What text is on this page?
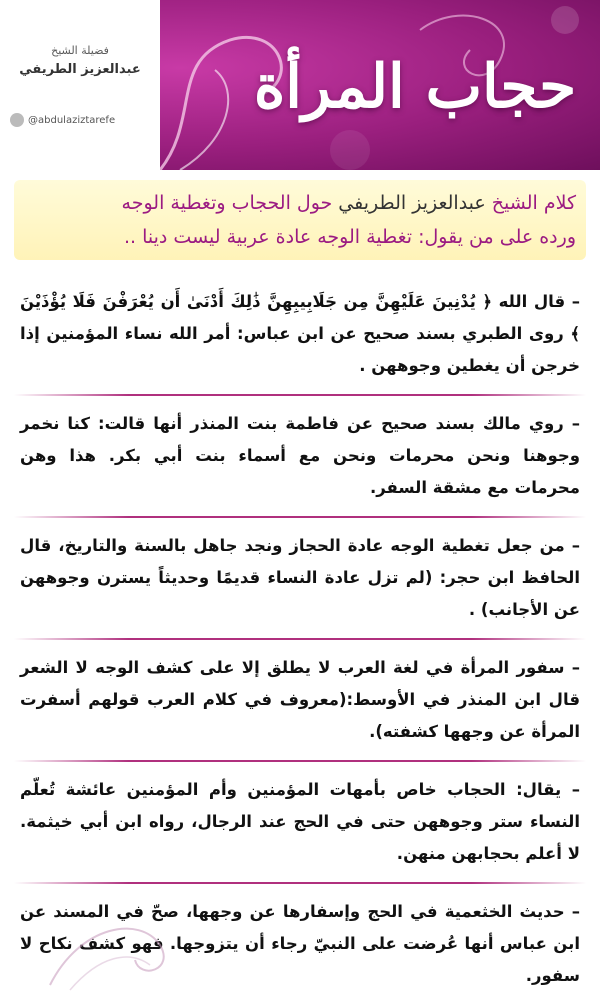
فضيلة الشيخ
عبدالعزيز الطريفي
@abdulaziztarefe حجاب المرأة
كلام الشيخ عبدالعزيز الطريفي حول الحجاب وتغطية الوجه
ورده على من يقول: تغطية الوجه عادة عربية ليست دينا ..
– قال الله ﴿ يُدْنِينَ عَلَيْهِنَّ مِن جَلَابِيبِهِنَّ ذَٰلِكَ أَدْنَىٰ أَن يُعْرَفْنَ فَلَا يُؤْذَيْنَ ﴾ روى الطبري بسند صحيح عن ابن عباس: أمر الله نساء المؤمنين إذا خرجن أن يغطين وجوههن .
– روي مالك بسند صحيح عن فاطمة بنت المنذر أنها قالت: كنا نخمر وجوهنا ونحن محرمات ونحن مع أسماء بنت أبي بكر. هذا وهن محرمات مع مشقة السفر.
– من جعل تغطية الوجه عادة الحجاز ونجد جاهل بالسنة والتاريخ، قال الحافظ ابن حجر: (لم تزل عادة النساء قديمًا وحديثاً يسترن وجوههن عن الأجانب) .
– سفور المرأة في لغة العرب لا يطلق إلا على كشف الوجه لا الشعر قال ابن المنذر في الأوسط:(معروف في كلام العرب قولهم أسفرت المرأة عن وجهها كشفته).
– يقال: الحجاب خاص بأمهات المؤمنين وأم المؤمنين عائشة تُعلّم النساء ستر وجوههن حتى في الحج عند الرجال، رواه ابن أبي خيثمة. لا أعلم بحجابهن منهن.
– حديث الخثعمية في الحج وإسفارها عن وجهها، صحّ في المسند عن ابن عباس أنها عُرضت على النبيّ رجاء أن يتزوجها. فهو كشف نكاح لا سفور.
